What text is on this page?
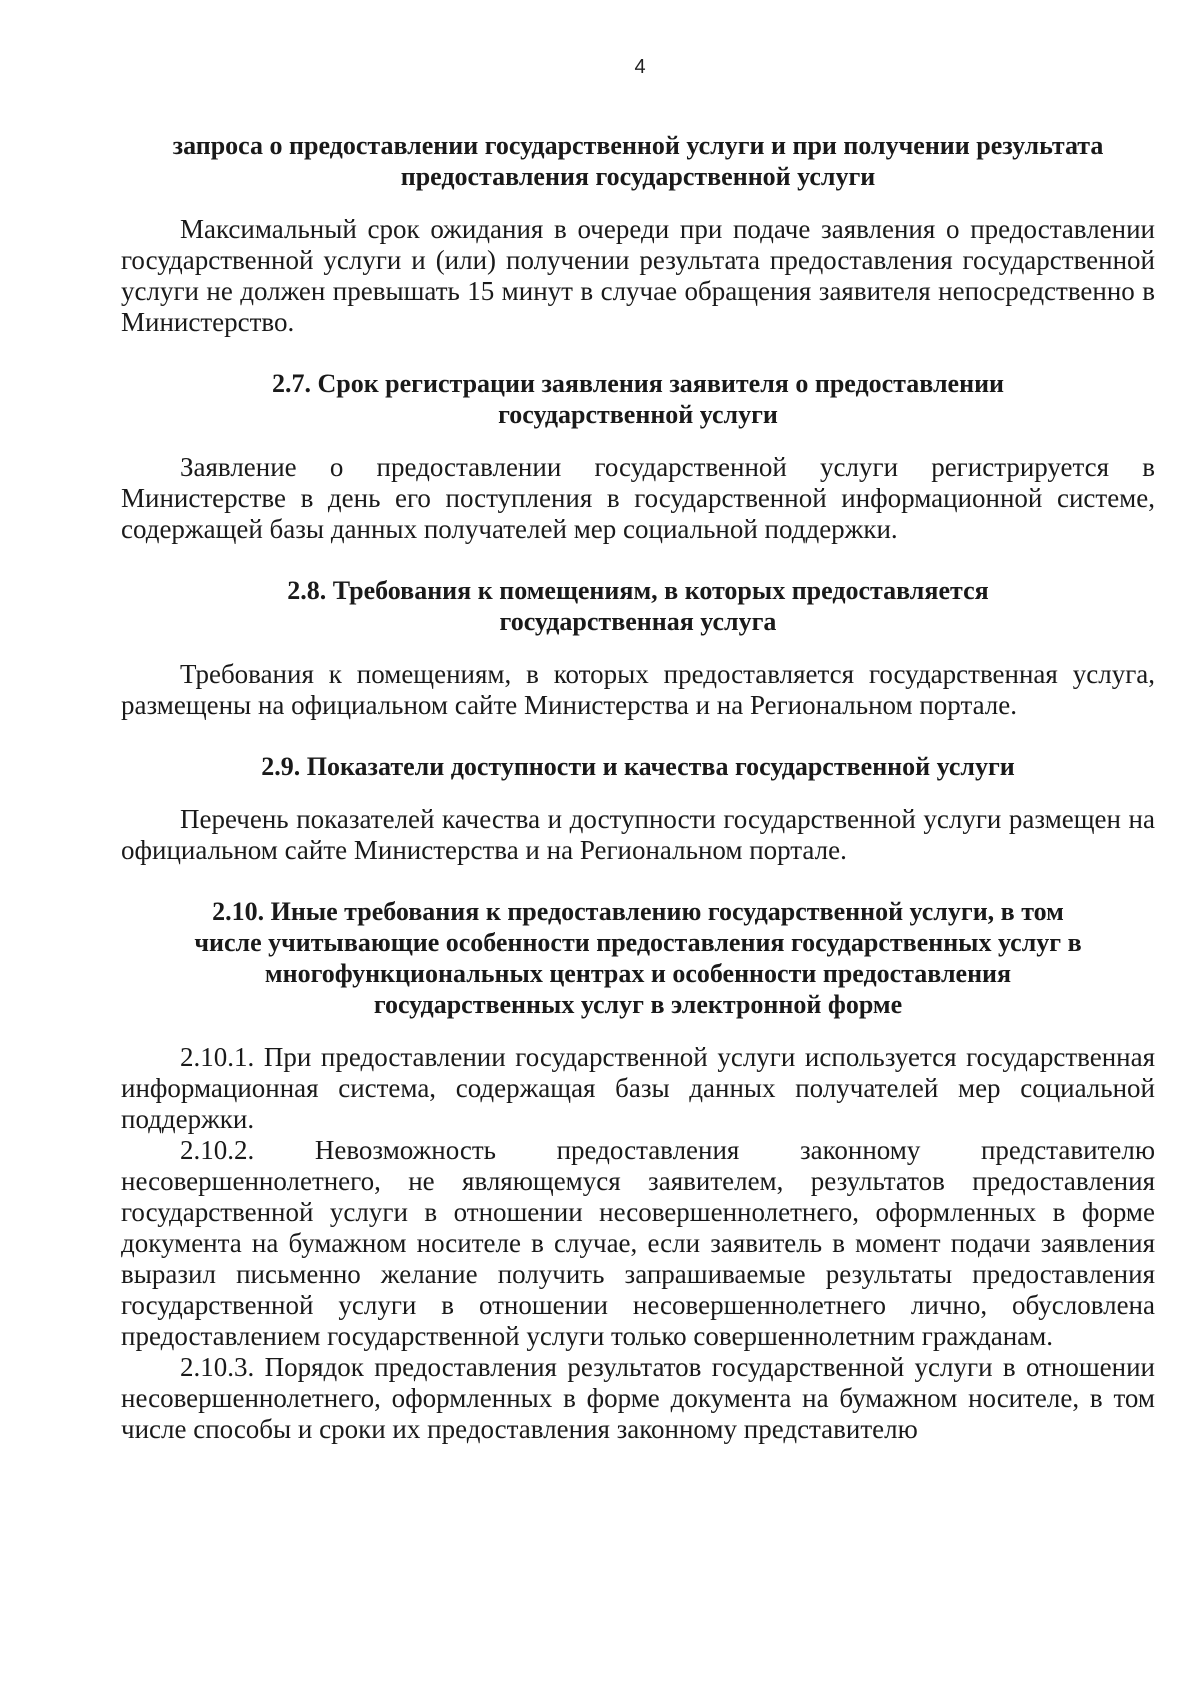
4
запроса о предоставлении государственной услуги и при получении результата
предоставления государственной услуги

Максимальный срок ожидания в очереди при подаче заявления о предоставлении государственной услуги и (или) получении результата предоставления государственной услуги не должен превышать 15 минут в случае обращения заявителя непосредственно в Министерство.

2.7. Срок регистрации заявления заявителя о предоставлении
государственной услуги

Заявление о предоставлении государственной услуги регистрируется в Министерстве в день его поступления в государственной информационной системе, содержащей базы данных получателей мер социальной поддержки.

2.8. Требования к помещениям, в которых предоставляется
государственная услуга

Требования к помещениям, в которых предоставляется государственная услуга, размещены на официальном сайте Министерства и на Региональном портале.

2.9. Показатели доступности и качества государственной услуги

Перечень показателей качества и доступности государственной услуги размещен на официальном сайте Министерства и на Региональном портале.

2.10. Иные требования к предоставлению государственной услуги, в том
числе учитывающие особенности предоставления государственных услуг в
многофункциональных центрах и особенности предоставления
государственных услуг в электронной форме

2.10.1. При предоставлении государственной услуги используется государственная информационная система, содержащая базы данных получателей мер социальной поддержки.

2.10.2. Невозможность предоставления законному представителю несовершеннолетнего, не являющемуся заявителем, результатов предоставления государственной услуги в отношении несовершеннолетнего, оформленных в форме документа на бумажном носителе в случае, если заявитель в момент подачи заявления выразил письменно желание получить запрашиваемые результаты предоставления государственной услуги в отношении несовершеннолетнего лично, обусловлена предоставлением государственной услуги только совершеннолетним гражданам.

2.10.3. Порядок предоставления результатов государственной услуги в отношении несовершеннолетнего, оформленных в форме документа на бумажном носителе, в том числе способы и сроки их предоставления законному представителю
